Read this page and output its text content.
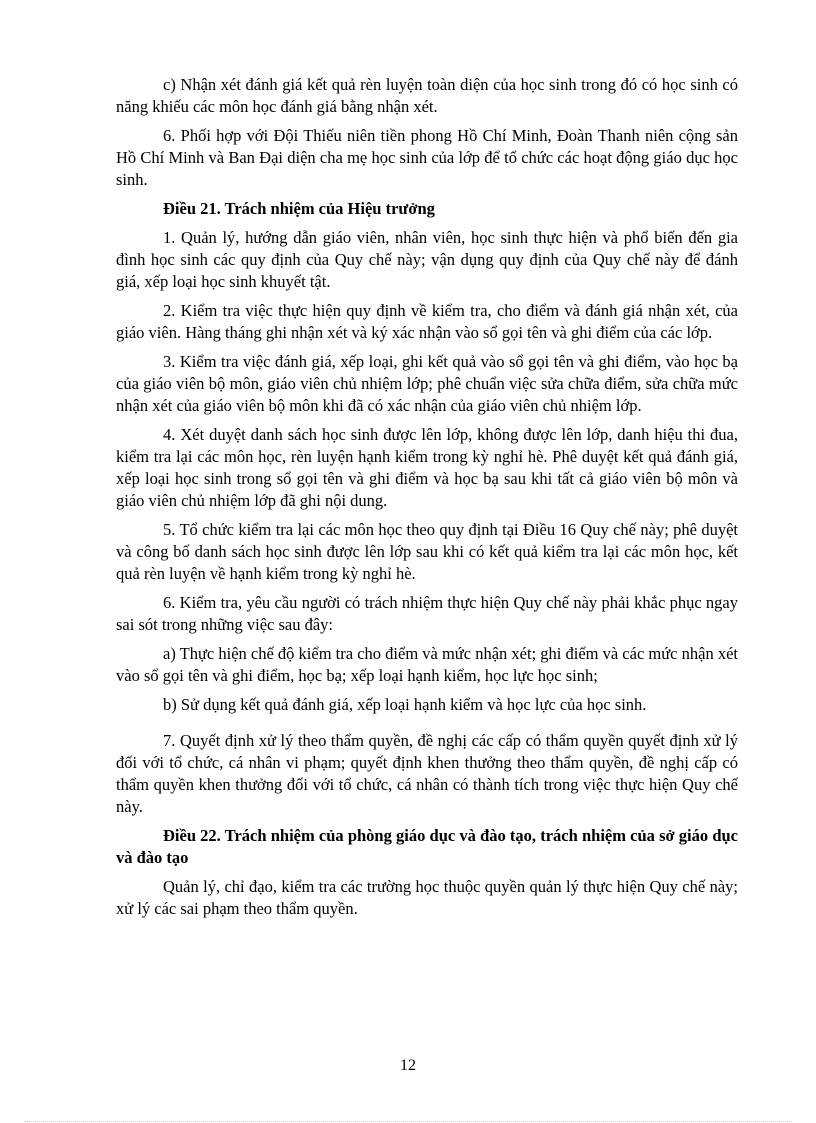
c) Nhận xét đánh giá kết quả rèn luyện toàn diện của học sinh trong đó có học sinh có năng khiếu các môn học đánh giá bằng nhận xét.

6. Phối hợp với Đội Thiếu niên tiền phong Hồ Chí Minh, Đoàn Thanh niên cộng sản Hồ Chí Minh và Ban Đại diện cha mẹ học sinh của lớp để tổ chức các hoạt động giáo dục học sinh.

Điều 21. Trách nhiệm của Hiệu trưởng

1. Quản lý, hướng dẫn giáo viên, nhân viên, học sinh thực hiện và phổ biến đến gia đình học sinh các quy định của Quy chế này; vận dụng quy định của Quy chế này để đánh giá, xếp loại học sinh khuyết tật.

2. Kiểm tra việc thực hiện quy định về kiểm tra, cho điểm và đánh giá nhận xét, của giáo viên. Hàng tháng ghi nhận xét và ký xác nhận vào sổ gọi tên và ghi điểm của các lớp.

3. Kiểm tra việc đánh giá, xếp loại, ghi kết quả vào sổ gọi tên và ghi điểm, vào học bạ của giáo viên bộ môn, giáo viên chủ nhiệm lớp; phê chuẩn việc sửa chữa điểm, sửa chữa mức nhận xét của giáo viên bộ môn khi đã có xác nhận của giáo viên chủ nhiệm lớp.

4. Xét duyệt danh sách học sinh được lên lớp, không được lên lớp, danh hiệu thi đua, kiểm tra lại các môn học, rèn luyện hạnh kiểm trong kỳ nghỉ hè. Phê duyệt kết quả đánh giá, xếp loại học sinh trong sổ gọi tên và ghi điểm và học bạ sau khi tất cả giáo viên bộ môn và giáo viên chủ nhiệm lớp đã ghi nội dung.

5. Tổ chức kiểm tra lại các môn học theo quy định tại Điều 16 Quy chế này; phê duyệt và công bố danh sách học sinh được lên lớp sau khi có kết quả kiểm tra lại các môn học, kết quả rèn luyện về hạnh kiểm trong kỳ nghỉ hè.

6. Kiểm tra, yêu cầu người có trách nhiệm thực hiện Quy chế này phải khắc phục ngay sai sót trong những việc sau đây:

a) Thực hiện chế độ kiểm tra cho điểm và mức nhận xét; ghi điểm và các mức nhận xét vào sổ gọi tên và ghi điểm, học bạ; xếp loại hạnh kiểm, học lực học sinh;

b) Sử dụng kết quả đánh giá, xếp loại hạnh kiểm và học lực của học sinh.

7. Quyết định xử lý theo thẩm quyền, đề nghị các cấp có thẩm quyền quyết định xử lý đối với tổ chức, cá nhân vi phạm; quyết định khen thưởng theo thẩm quyền, đề nghị cấp có thẩm quyền khen thưởng đối với tổ chức, cá nhân có thành tích trong việc thực hiện Quy chế này.

Điều 22. Trách nhiệm của phòng giáo dục và đào tạo, trách nhiệm của sở giáo dục và đào tạo

Quản lý, chỉ đạo, kiểm tra các trường học thuộc quyền quản lý thực hiện Quy chế này; xử lý các sai phạm theo thẩm quyền.

12
